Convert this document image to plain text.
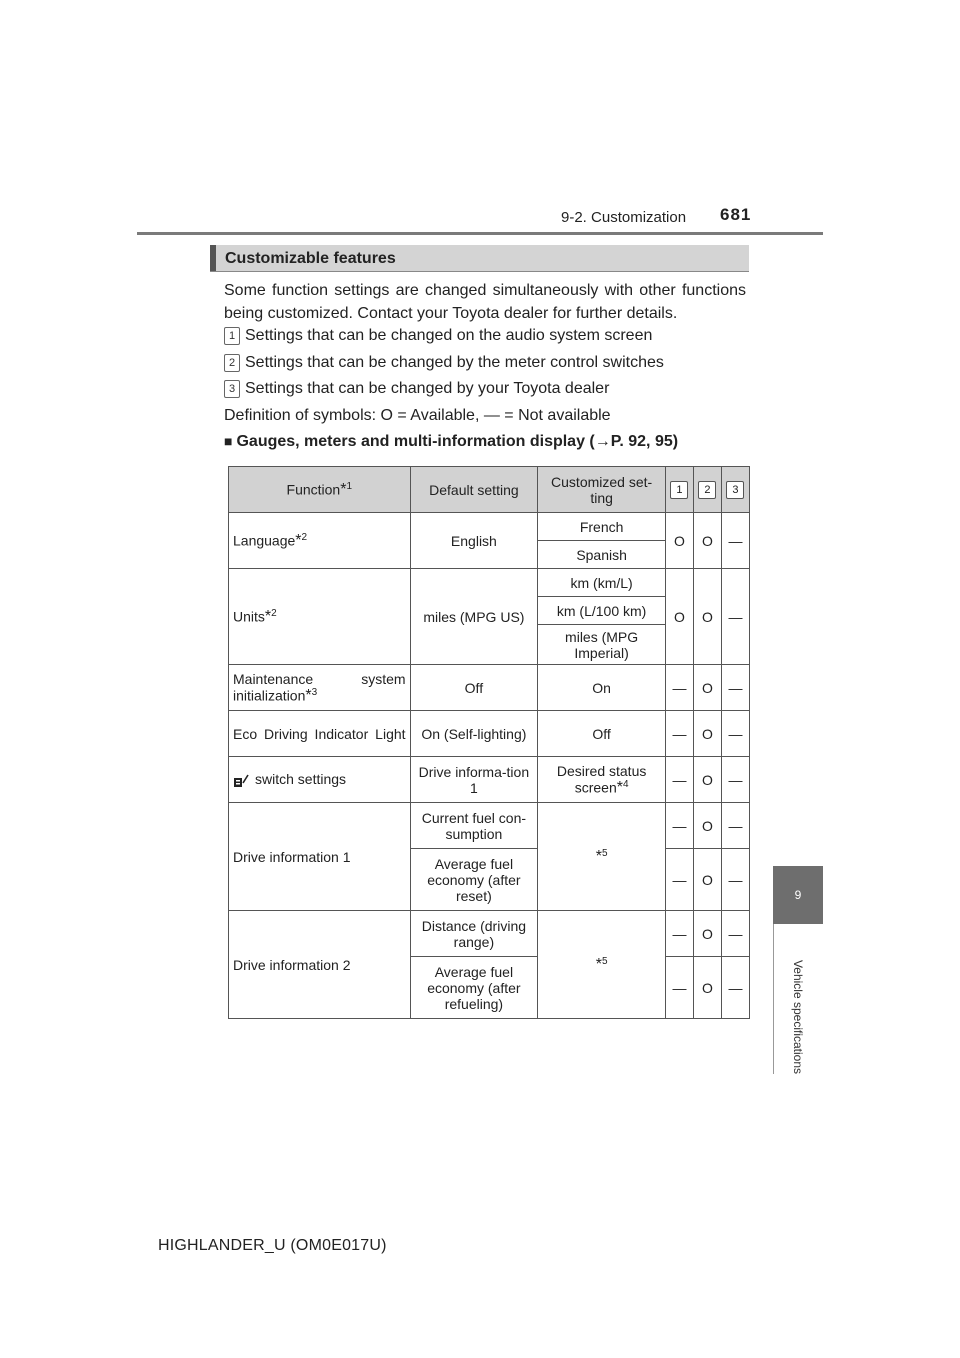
9-2. Customization 681
9
Vehicle specifications
Customizable features
Some function settings are changed simultaneously with other functions being customized. Contact your Toyota dealer for further details.
1 Settings that can be changed on the audio system screen
2 Settings that can be changed by the meter control switches
3 Settings that can be changed by your Toyota dealer
Definition of symbols: O = Available, — = Not available
■ Gauges, meters and multi-information display (→P. 92, 95)
Function*$^1$	Default setting	Customized set-ting	1	2	3
Language*$^2$	English	French	O	O	—
		Spanish			
Units*$^2$	miles (MPG US)	km (km/L)	O	O	—
		km (L/100 km)			
		miles (MPG Imperial)			
Maintenance system initialization*$^3$	Off	On	—	O	—
Eco Driving Indicator Light	On (Self-lighting)	Off	—	O	—
switch settings	Drive informa-tion 1	Desired status screen*$^4$	—	O	—
Drive information 1	Current fuel con-sumption	*$^5$	—	O	—
	Average fuel economy (after reset)		—	O	—
Drive information 2	Distance (driving range)	*$^5$	—	O	—
	Average fuel economy (after refueling)		—	O	—
HIGHLANDER_U (OM0E017U)
